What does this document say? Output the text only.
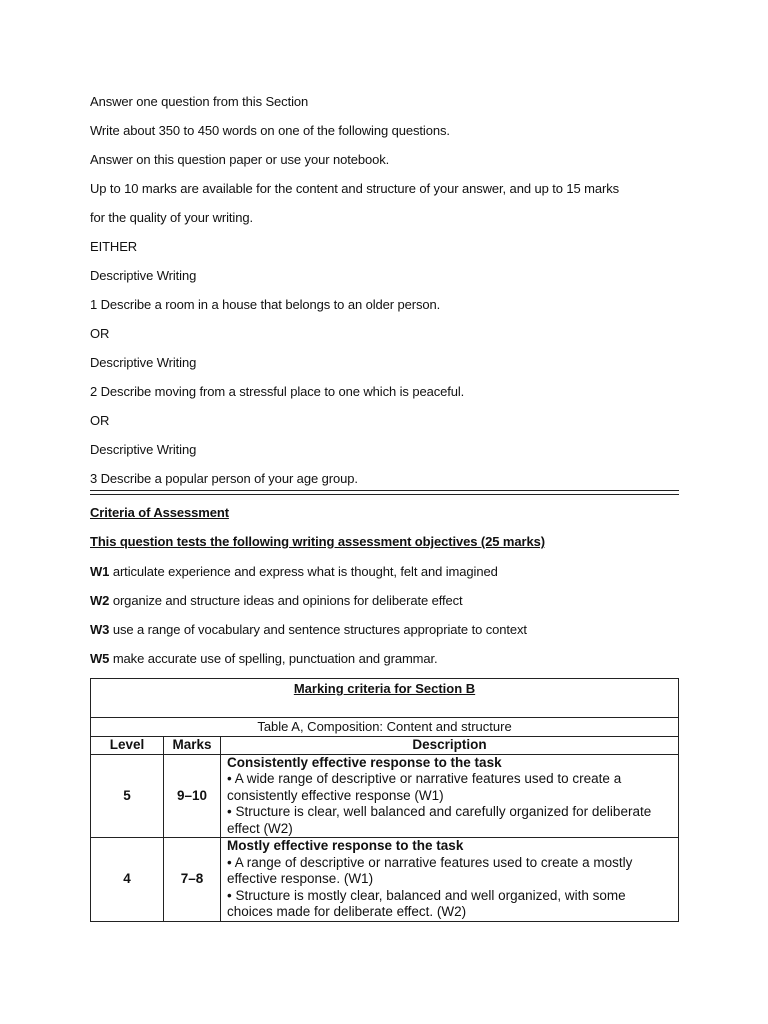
Answer one question from this Section
Write about 350 to 450 words on one of the following questions.
Answer on this question paper or use your notebook.
Up to 10 marks are available for the content and structure of your answer, and up to 15 marks
for the quality of your writing.
EITHER
Descriptive Writing
1 Describe a room in a house that belongs to an older person.
OR
Descriptive Writing
2 Describe moving from a stressful place to one which is peaceful.
OR
Descriptive Writing
3 Describe a popular person of your age group.
Criteria of Assessment
This question tests the following writing assessment objectives (25 marks)
W1 articulate experience and express what is thought, felt and imagined
W2 organize and structure ideas and opinions for deliberate effect
W3 use a range of vocabulary and sentence structures appropriate to context
W5 make accurate use of spelling, punctuation and grammar.
Marking criteria for Section B		
Table A, Composition: Content and structure		
Level	Marks	Description
5	9–10	Consistently effective response to the task
• A wide range of descriptive or narrative features used to create a consistently effective response (W1)
• Structure is clear, well balanced and carefully organized for deliberate effect (W2)

4	7–8	Mostly effective response to the task
• A range of descriptive or narrative features used to create a mostly effective response. (W1)
• Structure is mostly clear, balanced and well organized, with some choices made for deliberate effect. (W2)
